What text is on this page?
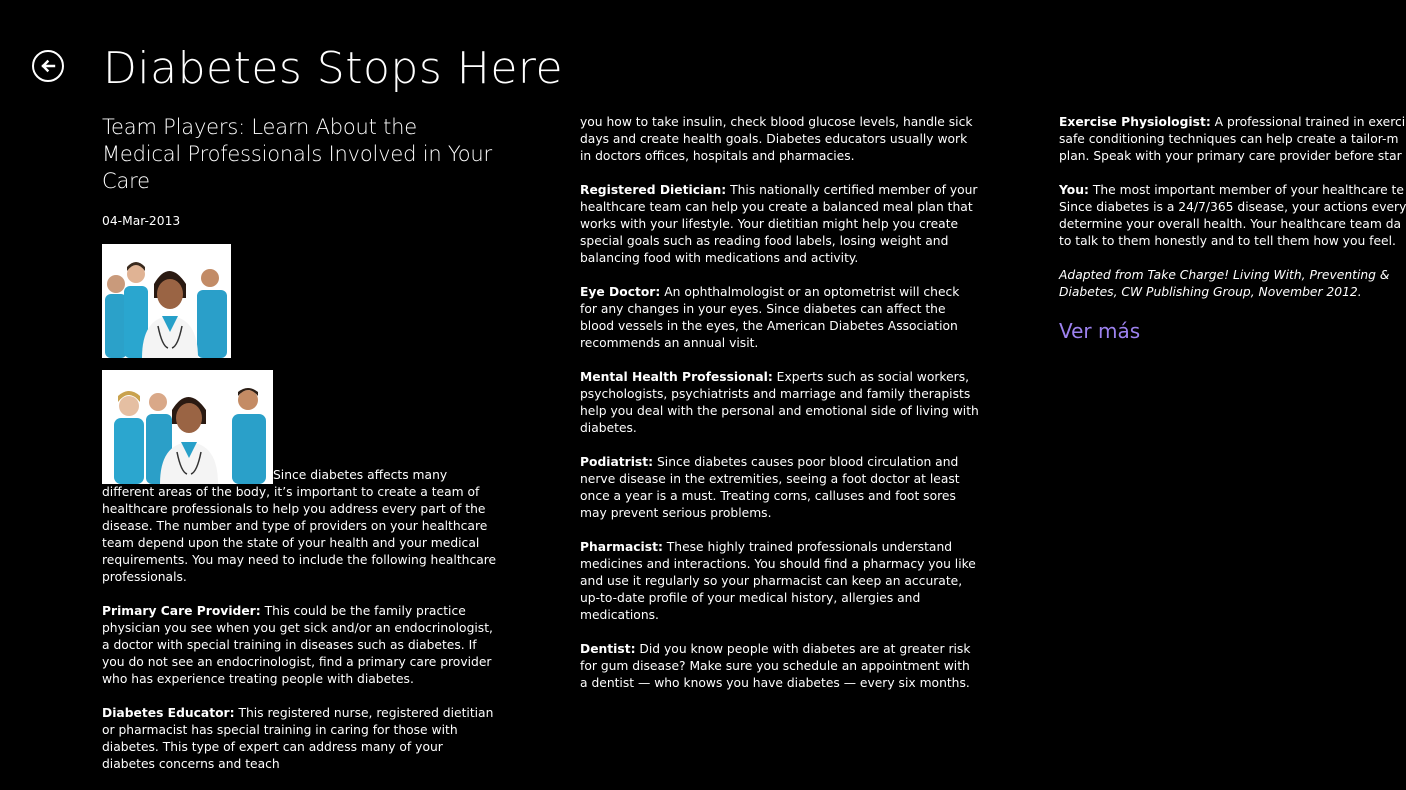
Diabetes Stops Here
Team Players: Learn About the Medical Professionals Involved in Your Care
04-Mar-2013
Since diabetes affects many different areas of the body, it’s important to create a team of healthcare professionals to help you address every part of the disease. The number and type of providers on your healthcare team depend upon the state of your health and your medical requirements. You may need to include the following healthcare professionals.

Primary Care Provider: This could be the family practice physician you see when you get sick and/or an endocrinologist, a doctor with special training in diseases such as diabetes. If you do not see an endocrinologist, find a primary care provider who has experience treating people with diabetes.

Diabetes Educator: This registered nurse, registered dietitian or pharmacist has special training in caring for those with diabetes. This type of expert can address many of your diabetes concerns and teach

you how to take insulin, check blood glucose levels, handle sick days and create health goals. Diabetes educators usually work in doctors offices, hospitals and pharmacies.

Registered Dietician: This nationally certified member of your healthcare team can help you create a balanced meal plan that works with your lifestyle. Your dietitian might help you create special goals such as reading food labels, losing weight and balancing food with medications and activity.

Eye Doctor: An ophthalmologist or an optometrist will check for any changes in your eyes. Since diabetes can affect the blood vessels in the eyes, the American Diabetes Association recommends an annual visit.

Mental Health Professional: Experts such as social workers, psychologists, psychiatrists and marriage and family therapists help you deal with the personal and emotional side of living with diabetes.

Podiatrist: Since diabetes causes poor blood circulation and nerve disease in the extremities, seeing a foot doctor at least once a year is a must. Treating corns, calluses and foot sores may prevent serious problems.

Pharmacist: These highly trained professionals understand medicines and interactions. You should find a pharmacy you like and use it regularly so your pharmacist can keep an accurate, up-to-date profile of your medical history, allergies and medications.

Dentist: Did you know people with diabetes are at greater risk for gum disease? Make sure you schedule an appointment with a dentist — who knows you have diabetes — every six months.

Exercise Physiologist: A professional trained in exerci
safe conditioning techniques can help create a tailor-m
plan. Speak with your primary care provider before star

You: The most important member of your healthcare te
Since diabetes is a 24/7/365 disease, your actions every
determine your overall health. Your healthcare team da
to talk to them honestly and to tell them how you feel.

Adapted from Take Charge! Living With, Preventing &
Diabetes, CW Publishing Group, November 2012.

Ver más
